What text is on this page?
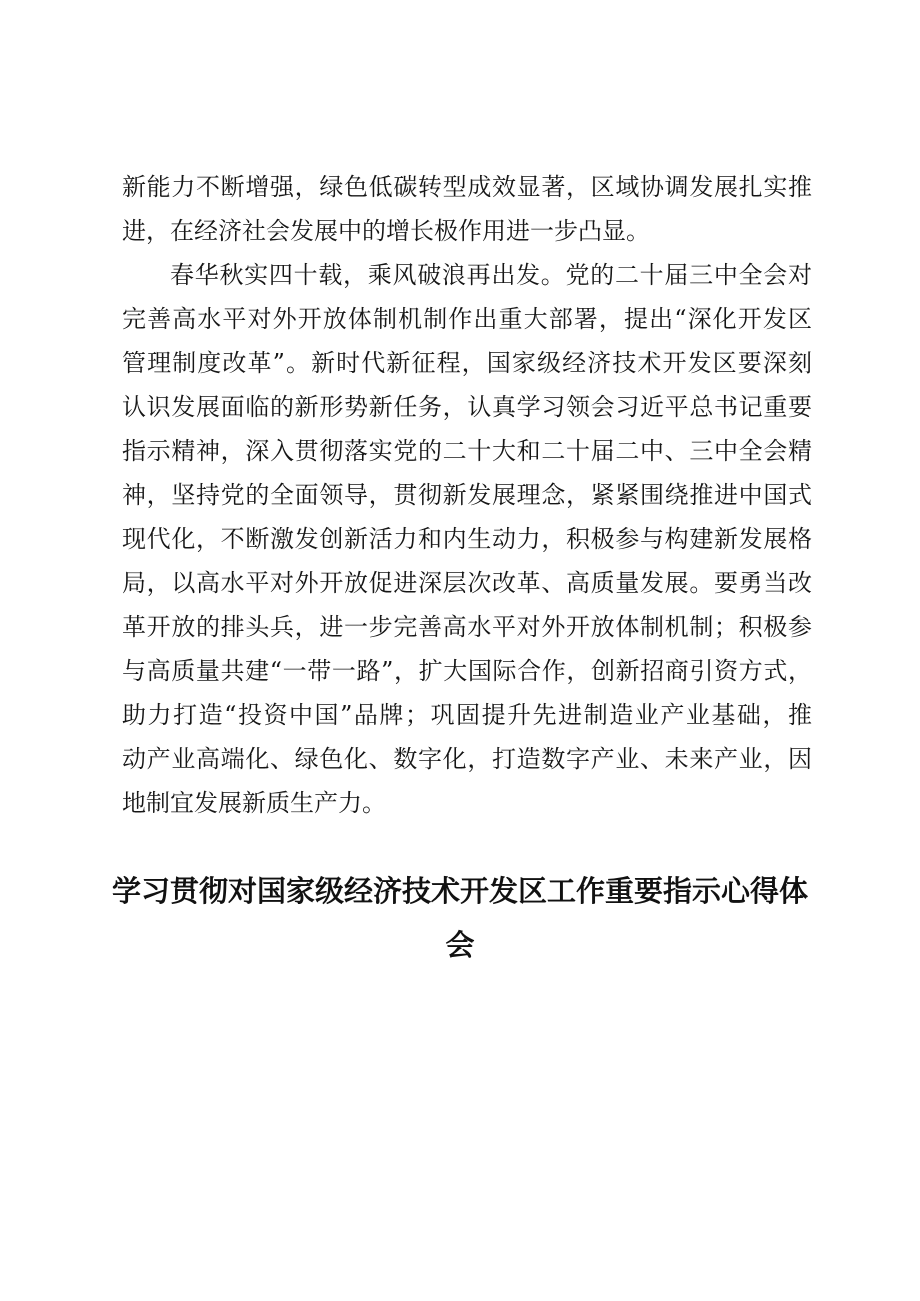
新能力不断增强，绿色低碳转型成效显著，区域协调发展扎实推
进，在经济社会发展中的增长极作用进一步凸显。
春华秋实四十载，乘风破浪再出发。党的二十届三中全会对
完善高水平对外开放体制机制作出重大部署，提出“深化开发区
管理制度改革”。新时代新征程，国家级经济技术开发区要深刻
认识发展面临的新形势新任务，认真学习领会习近平总书记重要
指示精神，深入贯彻落实党的二十大和二十届二中、三中全会精
神，坚持党的全面领导，贯彻新发展理念，紧紧围绕推进中国式
现代化，不断激发创新活力和内生动力，积极参与构建新发展格
局，以高水平对外开放促进深层次改革、高质量发展。要勇当改
革开放的排头兵，进一步完善高水平对外开放体制机制；积极参
与高质量共建“一带一路”，扩大国际合作，创新招商引资方式，
助力打造“投资中国”品牌；巩固提升先进制造业产业基础，推
动产业高端化、绿色化、数字化，打造数字产业、未来产业，因
地制宜发展新质生产力。
学习贯彻对国家级经济技术开发区工作重要指示心得体
会
